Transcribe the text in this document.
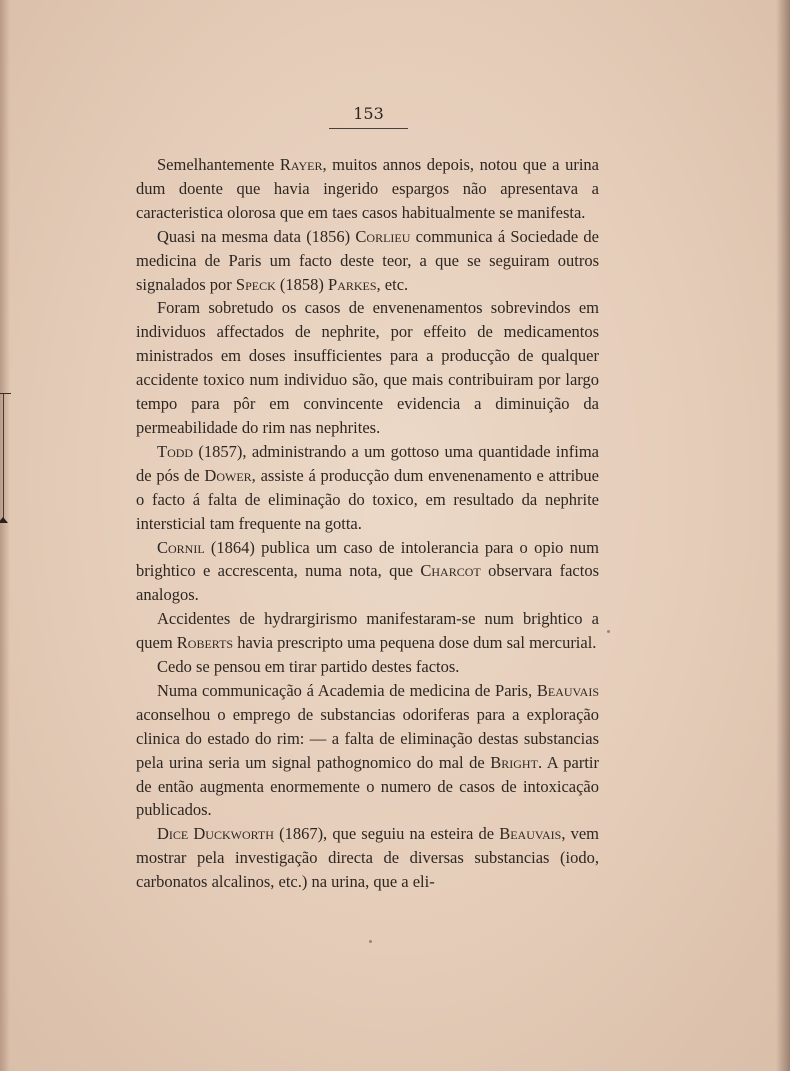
153

Semelhantemente Rayer, muitos annos depois, notou que a urina dum doente que havia ingerido espargos não apresentava a caracteristica olorosa que em taes casos habitualmente se manifesta.

Quasi na mesma data (1856) Corlieu communica á Sociedade de medicina de Paris um facto deste teor, a que se seguiram outros signalados por Speck (1858) Parkes, etc.

Foram sobretudo os casos de envenenamentos sobrevindos em individuos affectados de nephrite, por effeito de medicamentos ministrados em doses insufficientes para a producção de qualquer accidente toxico num individuo são, que mais contribuiram por largo tempo para pôr em convincente evidencia a diminuição da permeabilidade do rim nas nephrites.

Todd (1857), administrando a um gottoso uma quantidade infima de pós de Dower, assiste á producção dum envenenamento e attribue o facto á falta de eliminação do toxico, em resultado da nephrite intersticial tam frequente na gotta.

Cornil (1864) publica um caso de intolerancia para o opio num brightico e accrescenta, numa nota, que Charcot observara factos analogos.

Accidentes de hydrargirismo manifestaram-se num brightico a quem Roberts havia prescripto uma pequena dose dum sal mercurial.

Cedo se pensou em tirar partido destes factos.

Numa communicação á Academia de medicina de Paris, Beauvais aconselhou o emprego de substancias odoriferas para a exploração clinica do estado do rim: — a falta de eliminação destas substancias pela urina seria um signal pathognomico do mal de Bright. A partir de então augmenta enormemente o numero de casos de intoxicação publicados.

Dice Duckworth (1867), que seguiu na esteira de Beauvais, vem mostrar pela investigação directa de diversas substancias (iodo, carbonatos alcalinos, etc.) na urina, que a eli-
